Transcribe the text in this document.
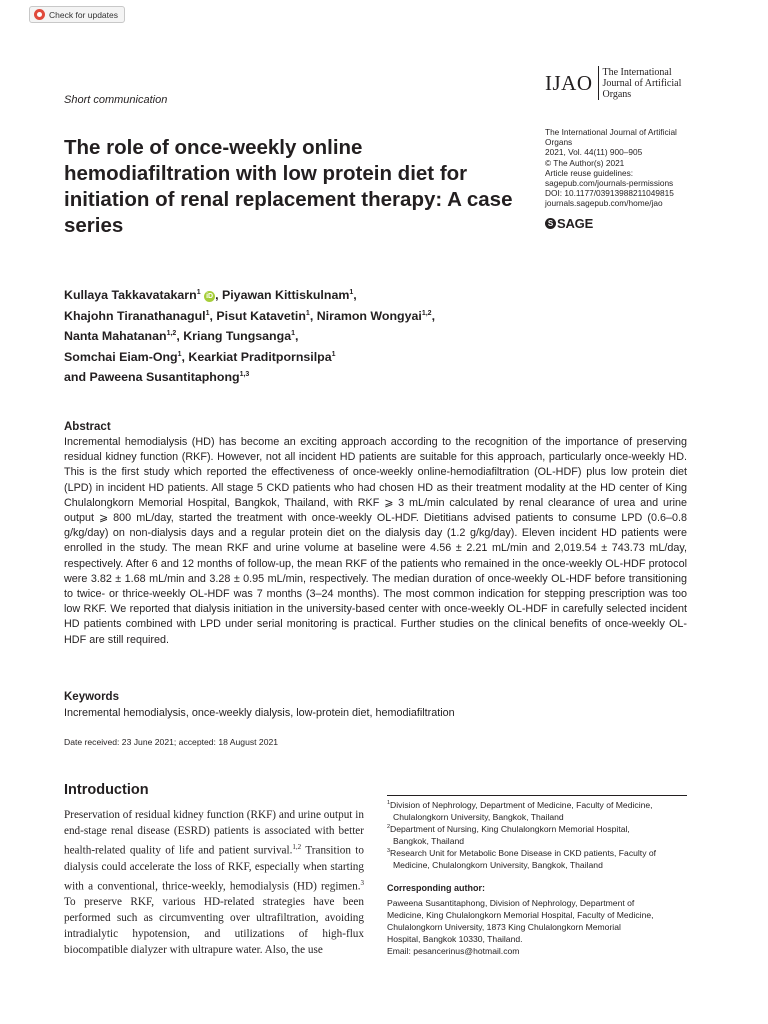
Check for updates
IJAO	The International
Journal of Artificial
Organs
The International Journal of Artificial
Organs
2021, Vol. 44(11) 900–905
© The Author(s) 2021
Article reuse guidelines:
sagepub.com/journals-permissions
DOI: 10.1177/03913988211049815
journals.sagepub.com/home/jao
S SAGE
Short communication
The role of once-weekly online hemodiafiltration with low protein diet for initiation of renal replacement therapy: A case series
Kullaya Takkavatakarn$^1$ iD , Piyawan Kittiskulnam$^1$,
Khajohn Tiranathanagul$^1$, Pisut Katavetin$^1$, Niramon Wongyai$^{1,2}$,
Nanta Mahatanan$^{1,2}$, Kriang Tungsanga$^1$,
Somchai Eiam-Ong$^1$, Kearkiat Praditpornsilpa$^1$
and Paweena Susantitaphong$^{1,3}$
Abstract

Incremental hemodialysis (HD) has become an exciting approach according to the recognition of the importance of preserving residual kidney function (RKF). However, not all incident HD patients are suitable for this approach, particularly once-weekly HD. This is the first study which reported the effectiveness of once-weekly online-hemodiafiltration (OL-HDF) plus low protein diet (LPD) in incident HD patients. All stage 5 CKD patients who had chosen HD as their treatment modality at the HD center of King Chulalongkorn Memorial Hospital, Bangkok, Thailand, with RKF ⩾ 3 mL/min calculated by renal clearance of urea and urine output ⩾ 800 mL/day, started the treatment with once-weekly OL-HDF. Dietitians advised patients to consume LPD (0.6–0.8 g/kg/day) on non-dialysis days and a regular protein diet on the dialysis day (1.2 g/kg/day). Eleven incident HD patients were enrolled in the study. The mean RKF and urine volume at baseline were 4.56 ± 2.21 mL/min and 2,019.54 ± 743.73 mL/day, respectively. After 6 and 12 months of follow-up, the mean RKF of the patients who remained in the once-weekly OL-HDF protocol were 3.82 ± 1.68 mL/min and 3.28 ± 0.95 mL/min, respectively. The median duration of once-weekly OL-HDF before transitioning to twice- or thrice-weekly OL-HDF was 7 months (3–24 months). The most common indication for stepping prescription was too low RKF. We reported that dialysis initiation in the university-based center with once-weekly OL-HDF in carefully selected incident HD patients combined with LPD under serial monitoring is practical. Further studies on the clinical benefits of once-weekly OL-HDF are still required.

Keywords
Incremental hemodialysis, once-weekly dialysis, low-protein diet, hemodiafiltration
Date received: 23 June 2021; accepted: 18 August 2021
Introduction

Preservation of residual kidney function (RKF) and urine output in end-stage renal disease (ESRD) patients is associated with better health-related quality of life and patient survival.$^{1,2}$ Transition to dialysis could accelerate the loss of RKF, especially when starting with a conventional, thrice-weekly, hemodialysis (HD) regimen.$^3$ To preserve RKF, various HD-related strategies have been performed such as circumventing over ultrafiltration, avoiding intradialytic hypotension, and utilizations of high-flux biocompatible dialyzer with ultrapure water. Also, the use

1 Division of Nephrology, Department of Medicine, Faculty of Medicine,
Chulalongkorn University, Bangkok, Thailand
2 Department of Nursing, King Chulalongkorn Memorial Hospital,
Bangkok, Thailand
3 Research Unit for Metabolic Bone Disease in CKD patients, Faculty of
Medicine, Chulalongkorn University, Bangkok, Thailand
Corresponding author:
Paweena Susantitaphong, Division of Nephrology, Department of
Medicine, King Chulalongkorn Memorial Hospital, Faculty of Medicine,
Chulalongkorn University, 1873 King Chulalongkorn Memorial
Hospital, Bangkok 10330, Thailand.
Email: pesancerinus@hotmail.com
